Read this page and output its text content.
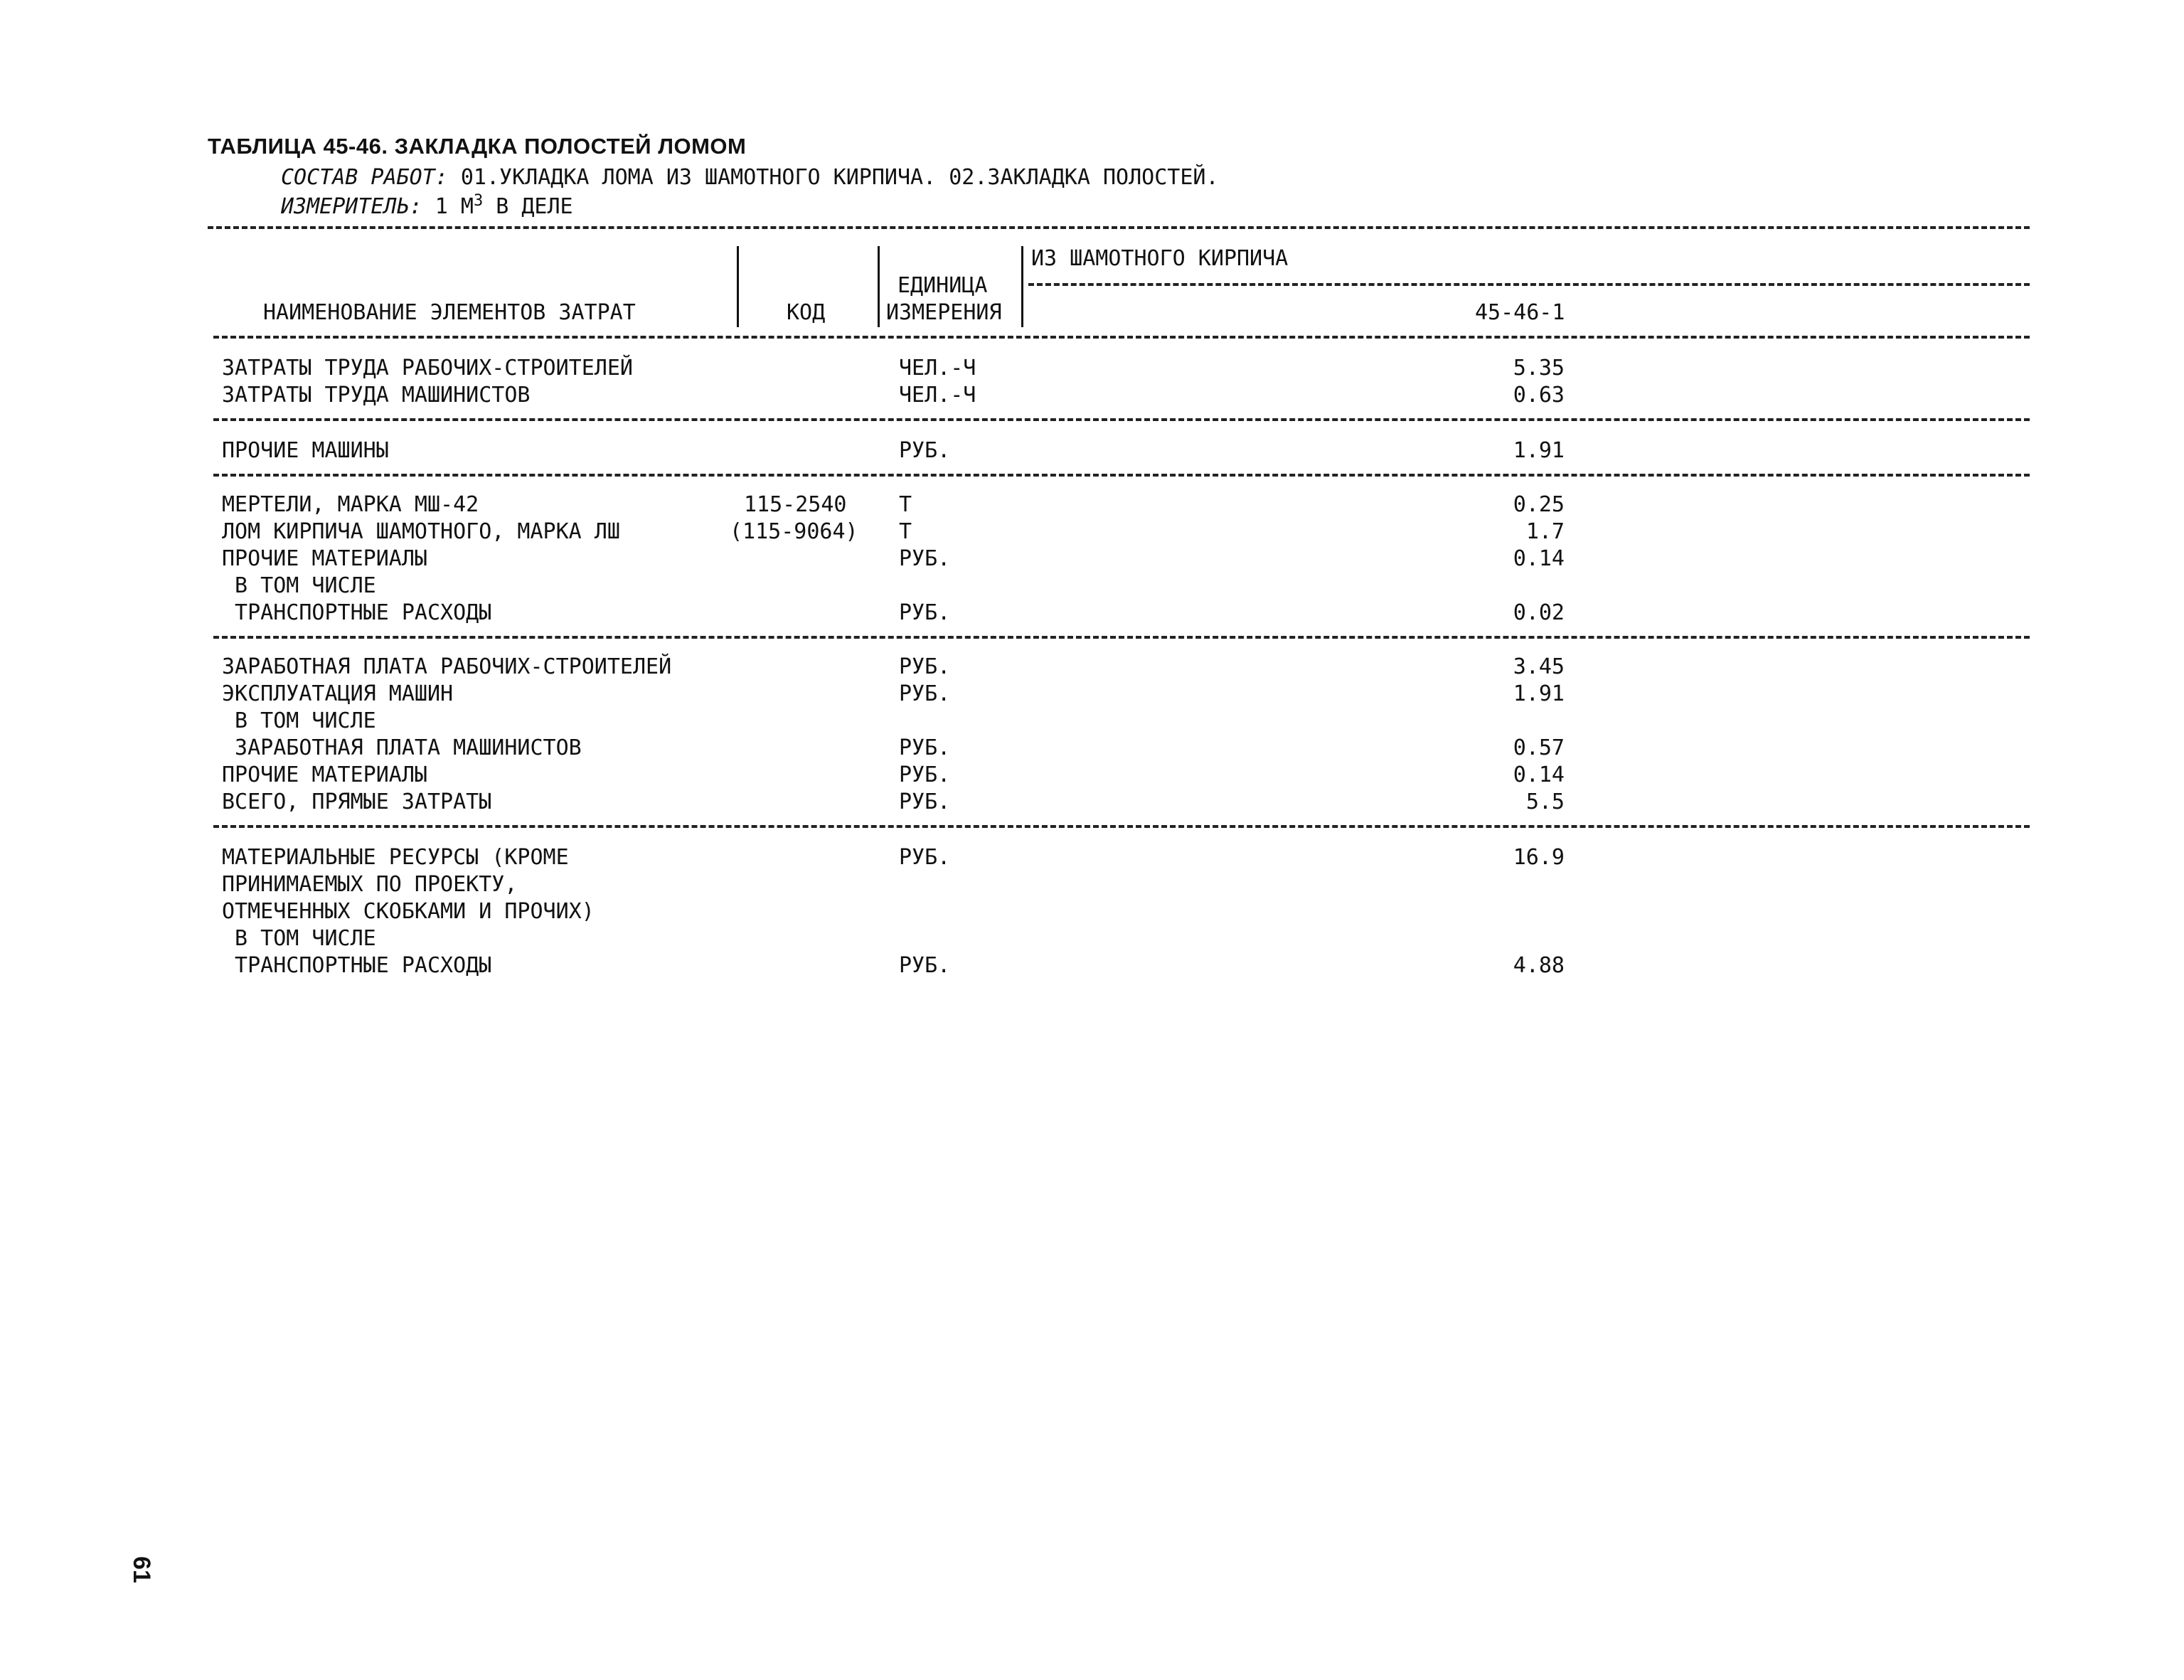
ТАБЛИЦА 45-46. ЗАКЛАДКА ПОЛОСТЕЙ ЛОМОМ
СОСТАВ РАБОТ: 01.УКЛАДКА ЛОМА ИЗ ШАМОТНОГО КИРПИЧА. 02.ЗАКЛАДКА ПОЛОСТЕЙ.
ИЗМЕРИТЕЛЬ: 1 $М^3$ В ДЕЛЕ
НАИМЕНОВАНИЕ ЭЛЕМЕНТОВ ЗАТРАТ	КОД
ЕДИНИЦА
ИЗМЕРЕНИЯ
ИЗ ШАМОТНОГО КИРПИЧА
45-46-1
ЗАТРАТЫ ТРУДА РАБОЧИХ-СТРОИТЕЛЕЙ	ЧЕЛ.-Ч	5.35
ЗАТРАТЫ ТРУДА МАШИНИСТОВ	ЧЕЛ.-Ч	0.63
ПРОЧИЕ МАШИНЫ	РУБ.	1.91
МЕРТЕЛИ, МАРКА МШ-42	115-2540 Т	0.25
ЛОМ КИРПИЧА ШАМОТНОГО, МАРКА ЛШ	(115-9064) Т	1.7
ПРОЧИЕ МАТЕРИАЛЫ	РУБ.	0.14
В ТОМ ЧИСЛЕ
ТРАНСПОРТНЫЕ РАСХОДЫ	РУБ.	0.02
ЗАРАБОТНАЯ ПЛАТА РАБОЧИХ-СТРОИТЕЛЕЙ	РУБ.	3.45
ЭКСПЛУАТАЦИЯ МАШИН	РУБ.	1.91
В ТОМ ЧИСЛЕ
ЗАРАБОТНАЯ ПЛАТА МАШИНИСТОВ	РУБ.	0.57
ПРОЧИЕ МАТЕРИАЛЫ	РУБ.	0.14
ВСЕГО, ПРЯМЫЕ ЗАТРАТЫ	РУБ.	5.5
МАТЕРИАЛЬНЫЕ РЕСУРСЫ (КРОМЕ	РУБ.	16.9
ПРИНИМАЕМЫХ ПО ПРОЕКТУ,
ОТМЕЧЕННЫХ СКОБКАМИ И ПРОЧИХ)
В ТОМ ЧИСЛЕ
ТРАНСПОРТНЫЕ РАСХОДЫ	РУБ.	4.88
61
